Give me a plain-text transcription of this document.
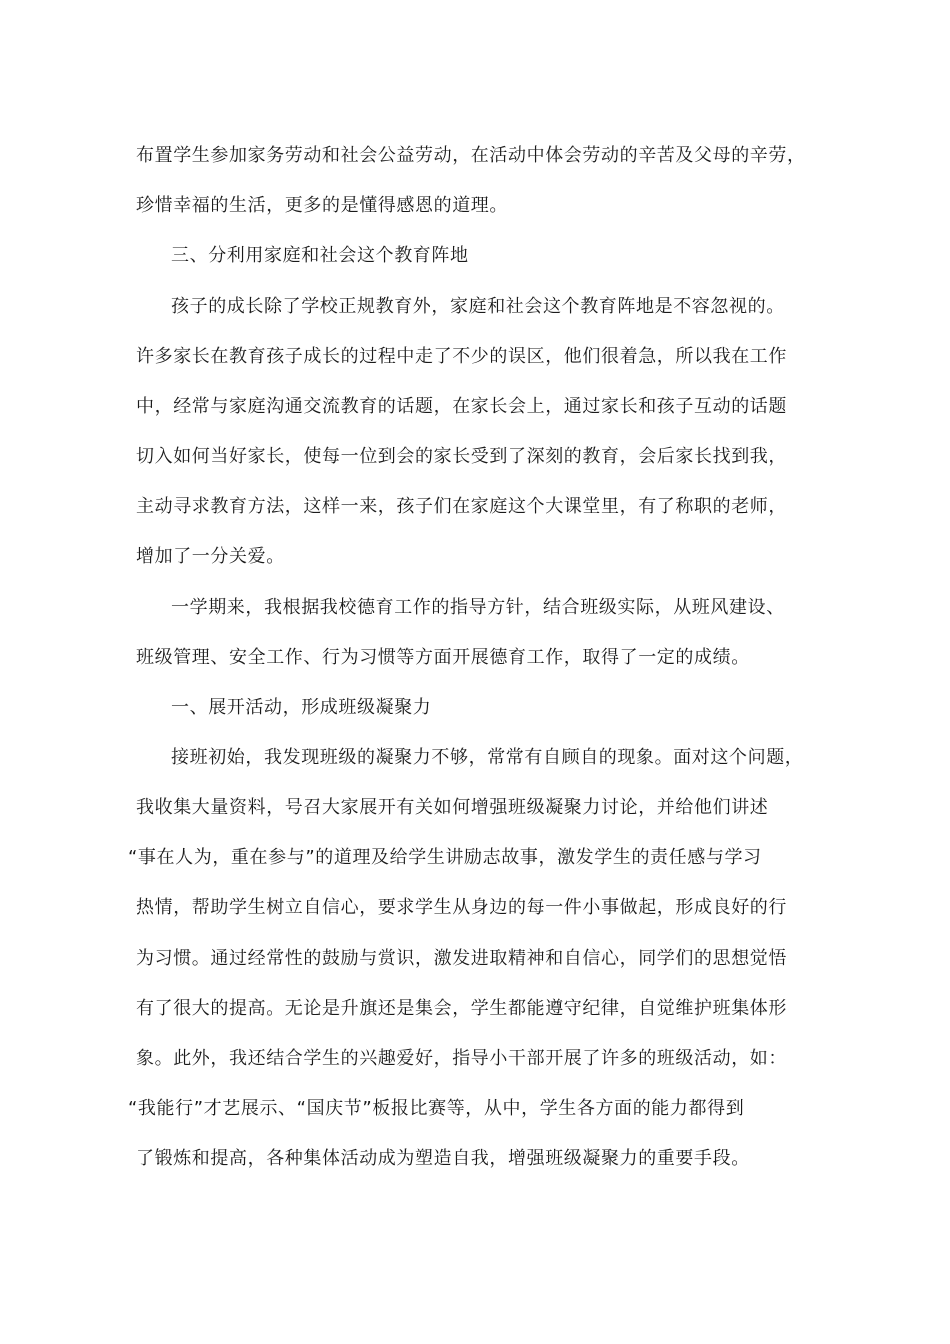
布置学生参加家务劳动和社会公益劳动，在活动中体会劳动的辛苦及父母的辛劳，
珍惜幸福的生活，更多的是懂得感恩的道理。
三、分利用家庭和社会这个教育阵地
孩子的成长除了学校正规教育外，家庭和社会这个教育阵地是不容忽视的。
许多家长在教育孩子成长的过程中走了不少的误区，他们很着急，所以我在工作
中，经常与家庭沟通交流教育的话题，在家长会上，通过家长和孩子互动的话题
切入如何当好家长，使每一位到会的家长受到了深刻的教育，会后家长找到我，
主动寻求教育方法，这样一来，孩子们在家庭这个大课堂里，有了称职的老师，
增加了一分关爱。
一学期来，我根据我校德育工作的指导方针，结合班级实际，从班风建设、
班级管理、安全工作、行为习惯等方面开展德育工作，取得了一定的成绩。
一、展开活动，形成班级凝聚力
接班初始，我发现班级的凝聚力不够，常常有自顾自的现象。面对这个问题，
我收集大量资料，号召大家展开有关如何增强班级凝聚力讨论，并给他们讲述
“事在人为，重在参与”的道理及给学生讲励志故事，激发学生的责任感与学习
热情，帮助学生树立自信心，要求学生从身边的每一件小事做起，形成良好的行
为习惯。通过经常性的鼓励与赏识，激发进取精神和自信心，同学们的思想觉悟
有了很大的提高。无论是升旗还是集会，学生都能遵守纪律，自觉维护班集体形
象。此外，我还结合学生的兴趣爱好，指导小干部开展了许多的班级活动，如：
“我能行”才艺展示、“国庆节”板报比赛等，从中，学生各方面的能力都得到
了锻炼和提高，各种集体活动成为塑造自我，增强班级凝聚力的重要手段。
